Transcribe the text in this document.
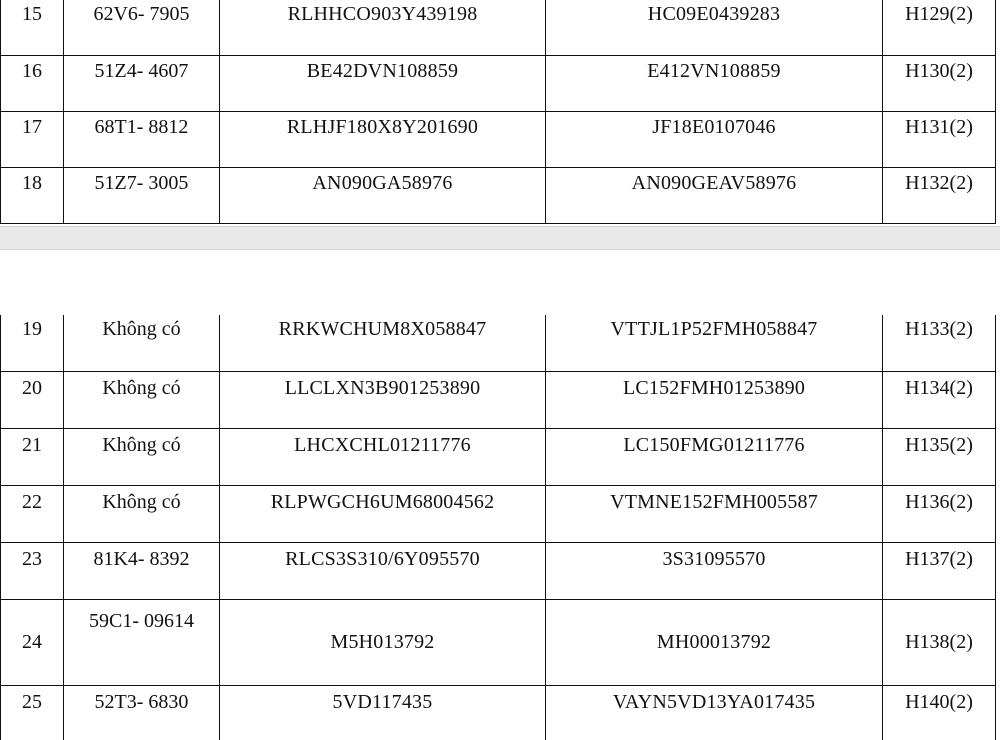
15	62V6- 7905	RLHHCO903Y439198	HC09E0439283	H129(2)
16	51Z4- 4607	BE42DVN108859	E412VN108859	H130(2)
17	68T1- 8812	RLHJF180X8Y201690	JF18E0107046	H131(2)
18	51Z7- 3005	AN090GA58976	AN090GEAV58976	H132(2)
19	Không có	RRKWCHUM8X058847	VTTJL1P52FMH058847	H133(2)
20	Không có	LLCLXN3B901253890	LC152FMH01253890	H134(2)
21	Không có	LHCXCHL01211776	LC150FMG01211776	H135(2)
22	Không có	RLPWGCH6UM68004562	VTMNE152FMH005587	H136(2)
23	81K4- 8392	RLCS3S310/6Y095570	3S31095570	H137(2)
24	59C1- 09614	M5H013792	MH00013792	H138(2)
25	52T3- 6830	5VD117435	VAYN5VD13YA017435	H140(2)
